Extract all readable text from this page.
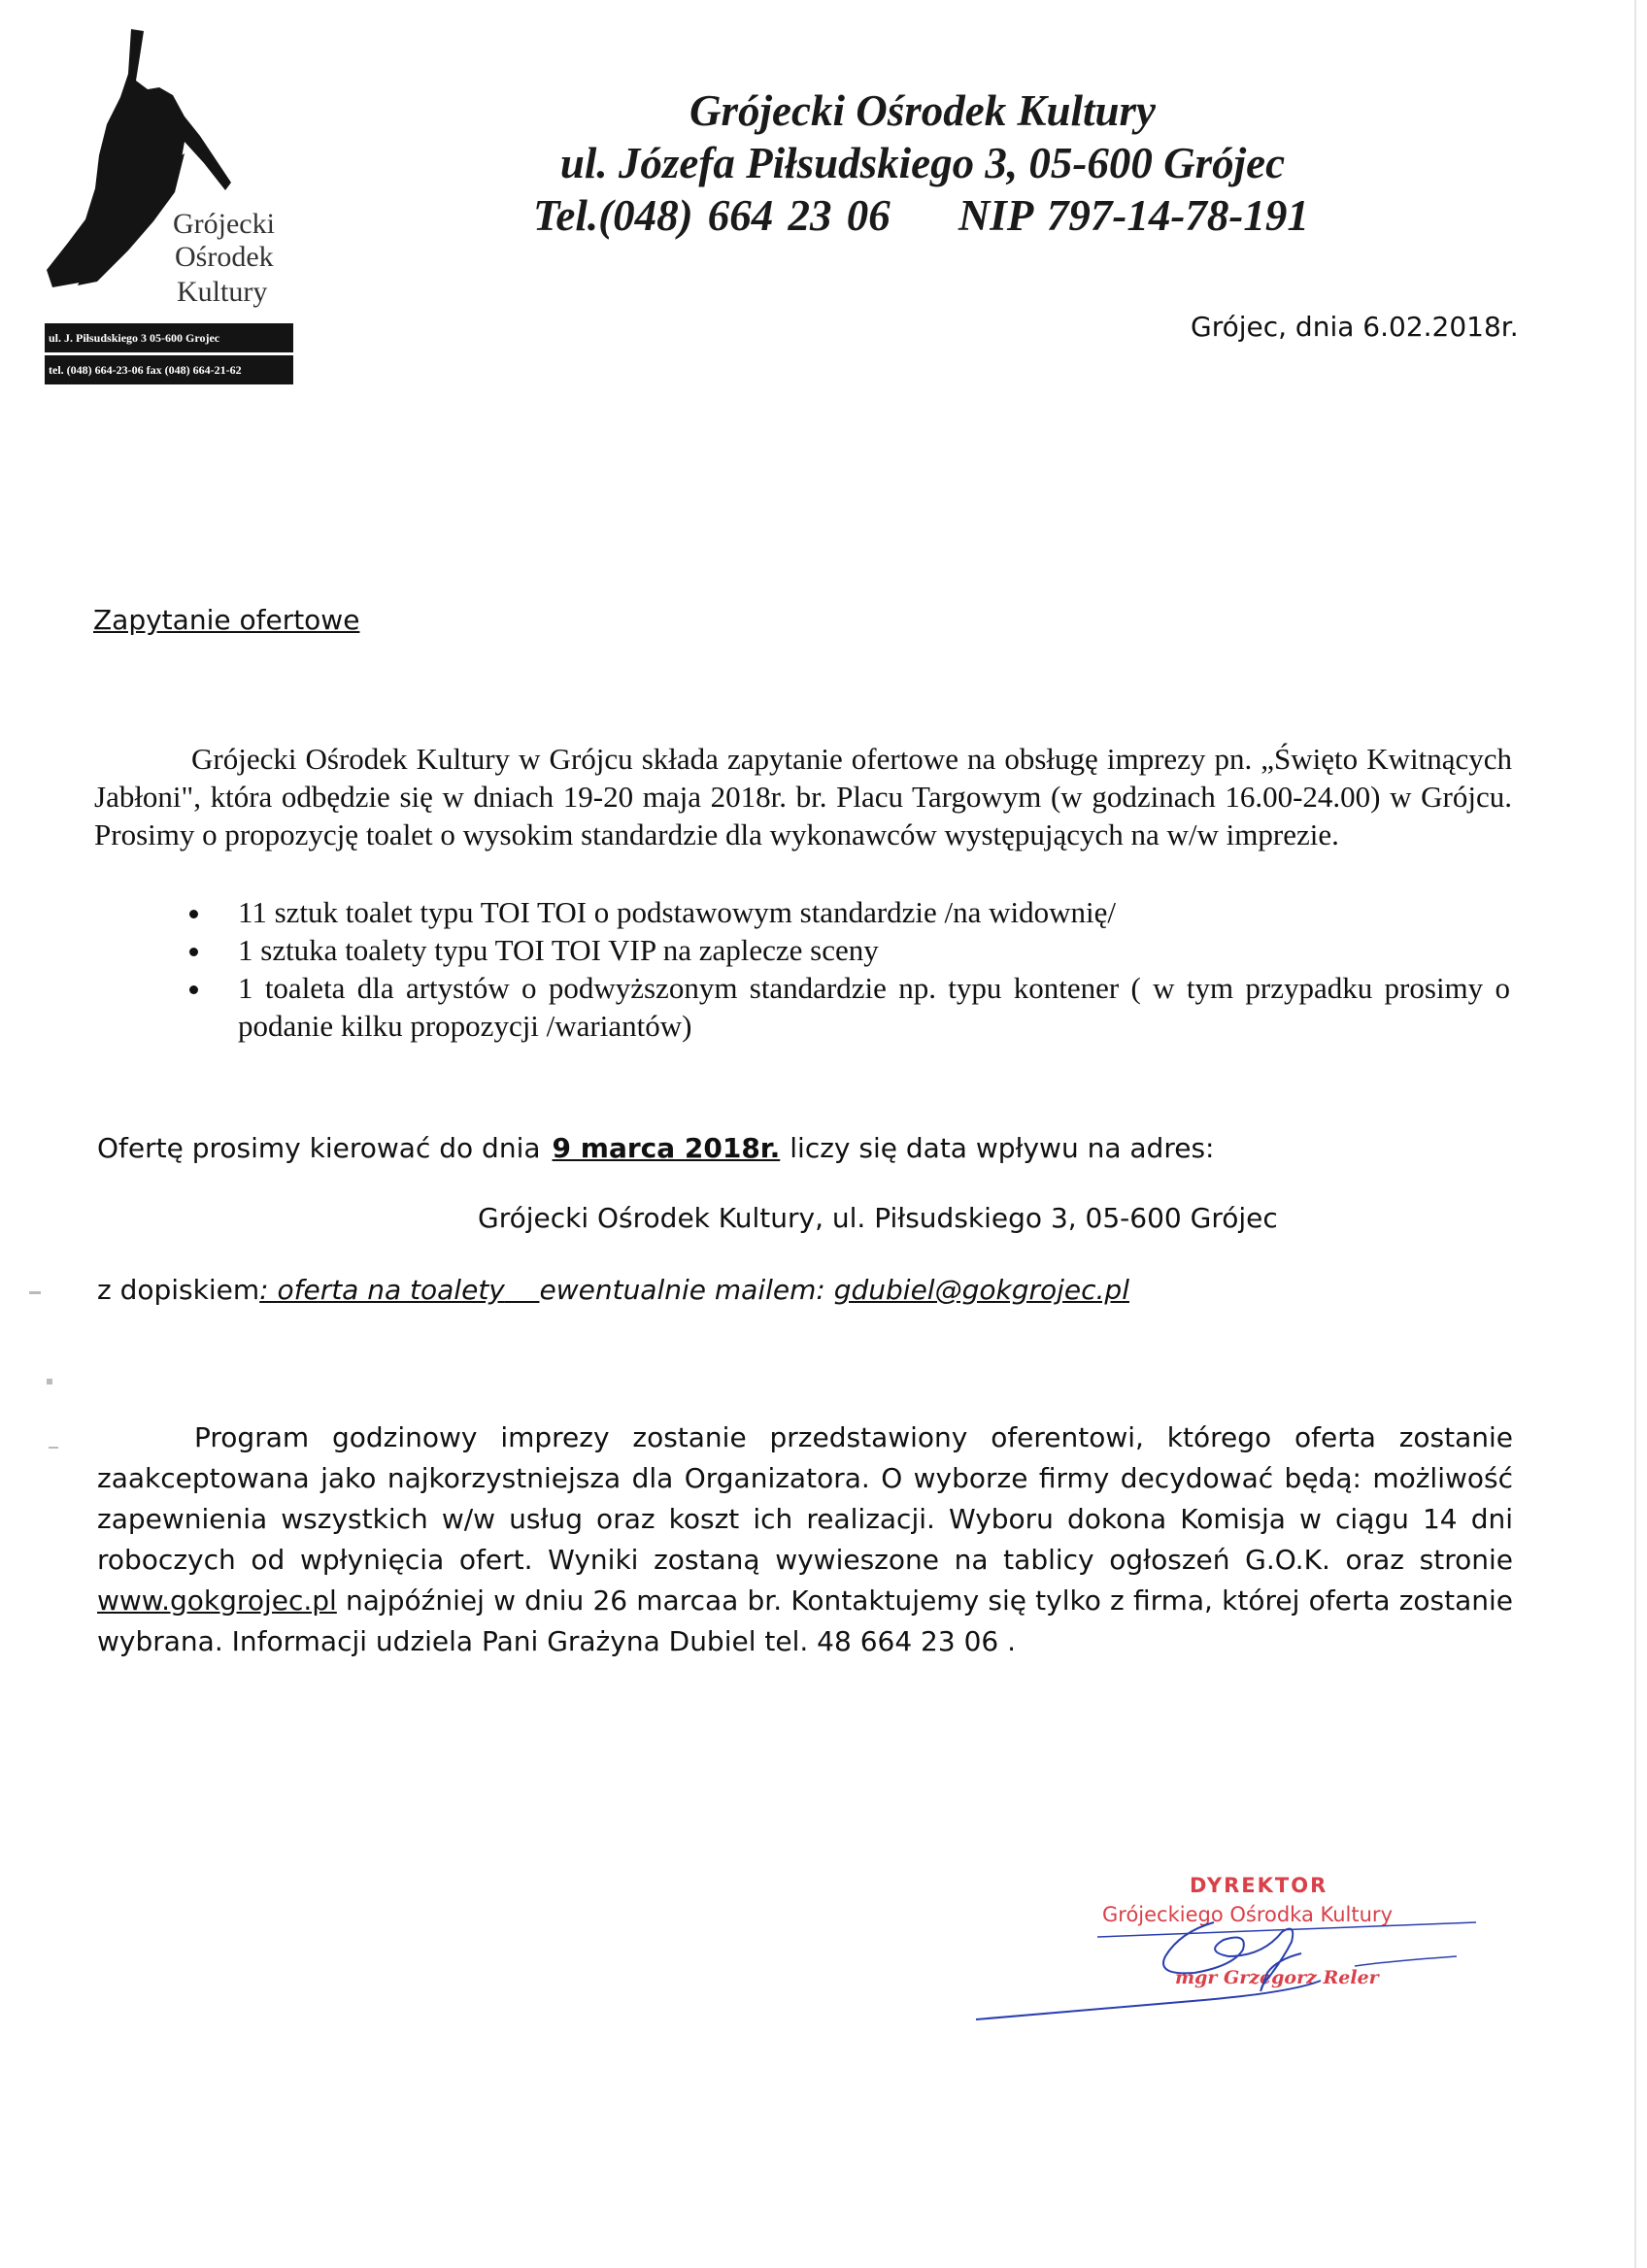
Grójecki
Ośrodek
Kultury
ul. J. Piłsudskiego 3 05-600 Grojec
tel. (048) 664-23-06 fax (048) 664-21-62
Grójecki Ośrodek Kultury
ul. Józefa Piłsudskiego 3, 05-600 Grójec
Tel.(048) 664 23 06 NIP 797-14-78-191
Grójec, dnia 6.02.2018r.
Zapytanie ofertowe
Grójecki Ośrodek Kultury w Grójcu składa zapytanie ofertowe na obsługę imprezy pn. „Święto Kwitnących Jabłoni", która odbędzie się w dniach 19-20 maja 2018r. br. Placu Targowym (w godzinach 16.00-24.00) w Grójcu. Prosimy o propozycję toalet o wysokim standardzie dla wykonawców występujących na w/w imprezie.
11 sztuk toalet typu TOI TOI o podstawowym standardzie /na widownię/
1 sztuka toalety typu TOI TOI VIP na zaplecze sceny
1 toaleta dla artystów o podwyższonym standardzie np. typu kontener ( w tym przypadku prosimy o podanie kilku propozycji /wariantów)
Ofertę prosimy kierować do dnia 9 marca 2018r. liczy się data wpływu na adres:
Grójecki Ośrodek Kultury, ul. Piłsudskiego 3, 05-600 Grójec
z dopiskiem: oferta na toalety ewentualnie mailem: gdubiel@gokgrojec.pl
Program godzinowy imprezy zostanie przedstawiony oferentowi, którego oferta zostanie zaakceptowana jako najkorzystniejsza dla Organizatora. O wyborze firmy decydować będą: możliwość zapewnienia wszystkich w/w usług oraz koszt ich realizacji. Wyboru dokona Komisja w ciągu 14 dni roboczych od wpłynięcia ofert. Wyniki zostaną wywieszone na tablicy ogłoszeń G.O.K. oraz stronie www.gokgrojec.pl najpóźniej w dniu 26 marcaa br. Kontaktujemy się tylko z firma, której oferta zostanie wybrana. Informacji udziela Pani Grażyna Dubiel tel. 48 664 23 06 .
DYREKTOR
Grójeckiego Ośrodka Kultury
mgr Grzegorz Reler
